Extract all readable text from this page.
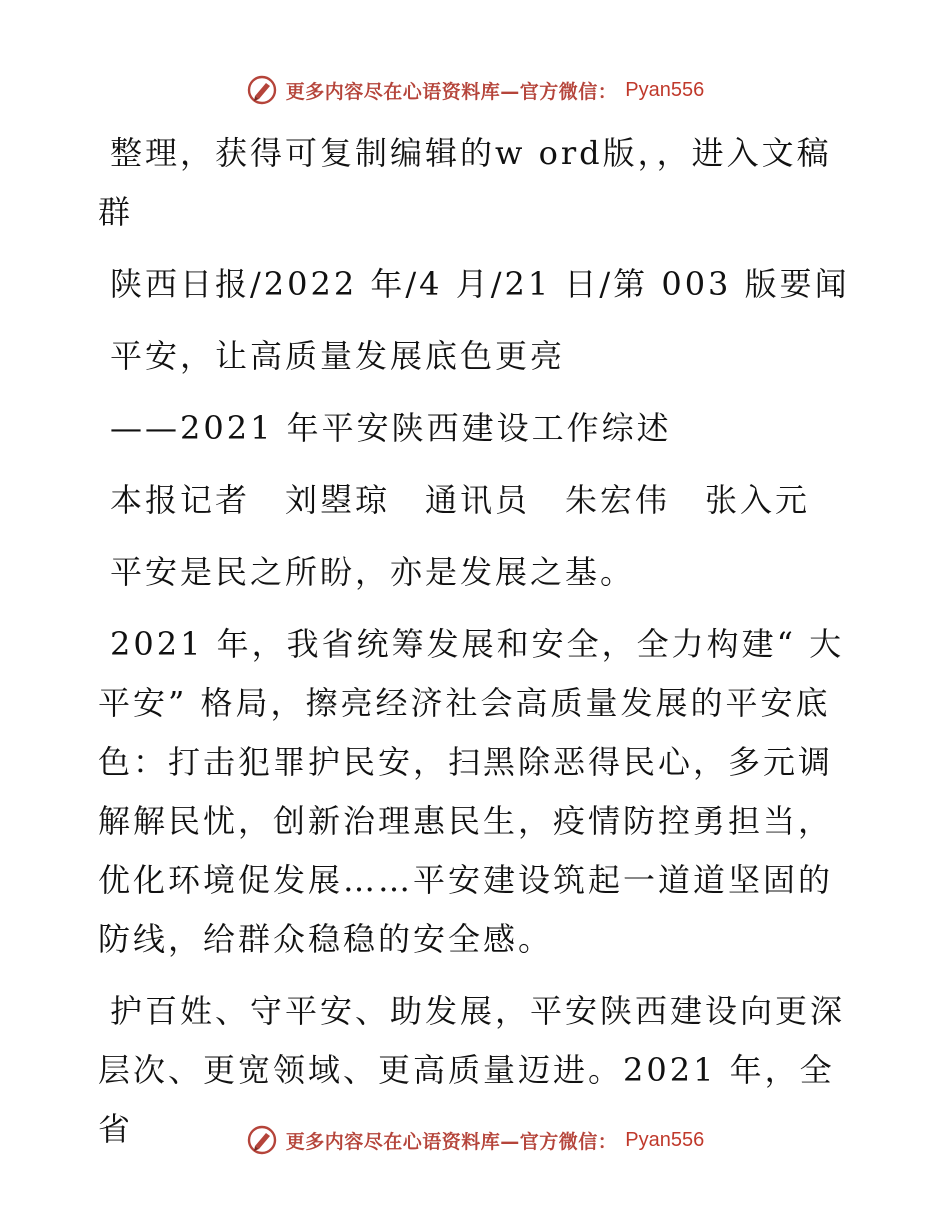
更多内容尽在心语资料库—官方微信： Pyan556

整理，获得可复制编辑的w ord版，，进入文稿群

陕西日报/2022 年/4 月/21 日/第 003 版要闻

平安，让高质量发展底色更亮

——2021 年平安陕西建设工作综述

本报记者　刘曌琼　通讯员　朱宏伟　张入元

平安是民之所盼，亦是发展之基。

2021 年，我省统筹发展和安全，全力构建“ 大平安” 格局，擦亮经济社会高质量发展的平安底色：打击犯罪护民安，扫黑除恶得民心，多元调解解民忧，创新治理惠民生，疫情防控勇担当，优化环境促发展……平安建设筑起一道道坚固的防线，给群众稳稳的安全感。

护百姓、守平安、助发展，平安陕西建设向更深层次、更宽领域、更高质量迈进。2021 年，全省	更多内容尽在心语资料库—官方微信： Pyan556
